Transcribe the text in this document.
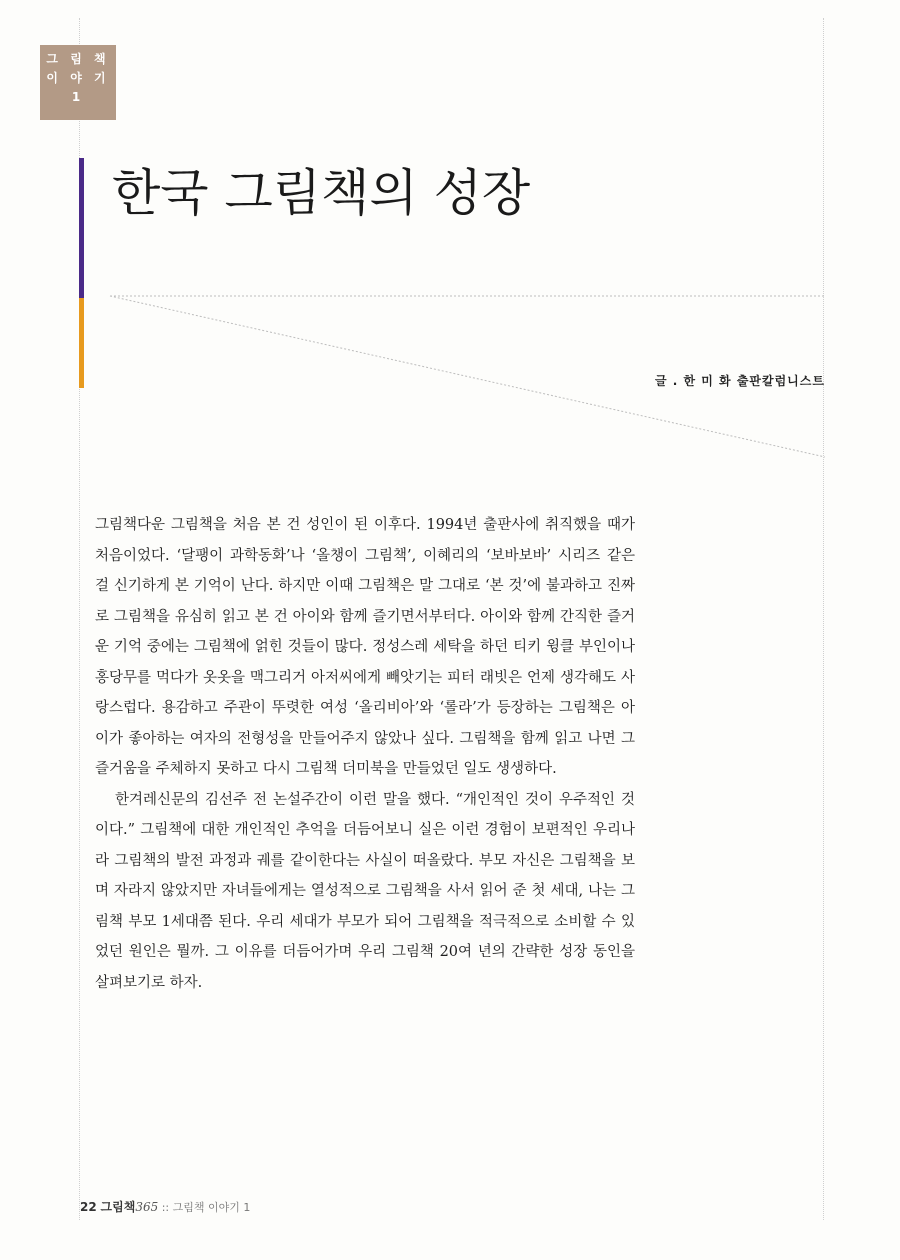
그 림 책
이 야 기
1
한국 그림책의 성장
글 . 한 미 화 출판칼럼니스트

그림책다운 그림책을 처음 본 건 성인이 된 이후다. 1994년 출판사에 취직했을 때가 처음이었다. ‘달팽이 과학동화’나 ‘올챙이 그림책’, 이혜리의 ‘보바보바’ 시리즈 같은 걸 신기하게 본 기억이 난다. 하지만 이때 그림책은 말 그대로 ‘본 것’에 불과하고 진짜로 그림책을 유심히 읽고 본 건 아이와 함께 즐기면서부터다. 아이와 함께 간직한 즐거운 기억 중에는 그림책에 얽힌 것들이 많다. 정성스레 세탁을 하던 티키 윙클 부인이나 홍당무를 먹다가 옷옷을 맥그리거 아저씨에게 빼앗기는 피터 래빗은 언제 생각해도 사랑스럽다. 용감하고 주관이 뚜렷한 여성 ‘올리비아’와 ‘롤라’가 등장하는 그림책은 아이가 좋아하는 여자의 전형성을 만들어주지 않았나 싶다. 그림책을 함께 읽고 나면 그 즐거움을 주체하지 못하고 다시 그림책 더미북을 만들었던 일도 생생하다.

한겨레신문의 김선주 전 논설주간이 이런 말을 했다. “개인적인 것이 우주적인 것이다.” 그림책에 대한 개인적인 추억을 더듬어보니 실은 이런 경험이 보편적인 우리나라 그림책의 발전 과정과 궤를 같이한다는 사실이 떠올랐다. 부모 자신은 그림책을 보며 자라지 않았지만 자녀들에게는 열성적으로 그림책을 사서 읽어 준 첫 세대, 나는 그림책 부모 1세대쯤 된다. 우리 세대가 부모가 되어 그림책을 적극적으로 소비할 수 있었던 원인은 뭘까. 그 이유를 더듬어가며 우리 그림책 20여 년의 간략한 성장 동인을 살펴보기로 하자.

22 그림책365 :: 그림책 이야기 1
